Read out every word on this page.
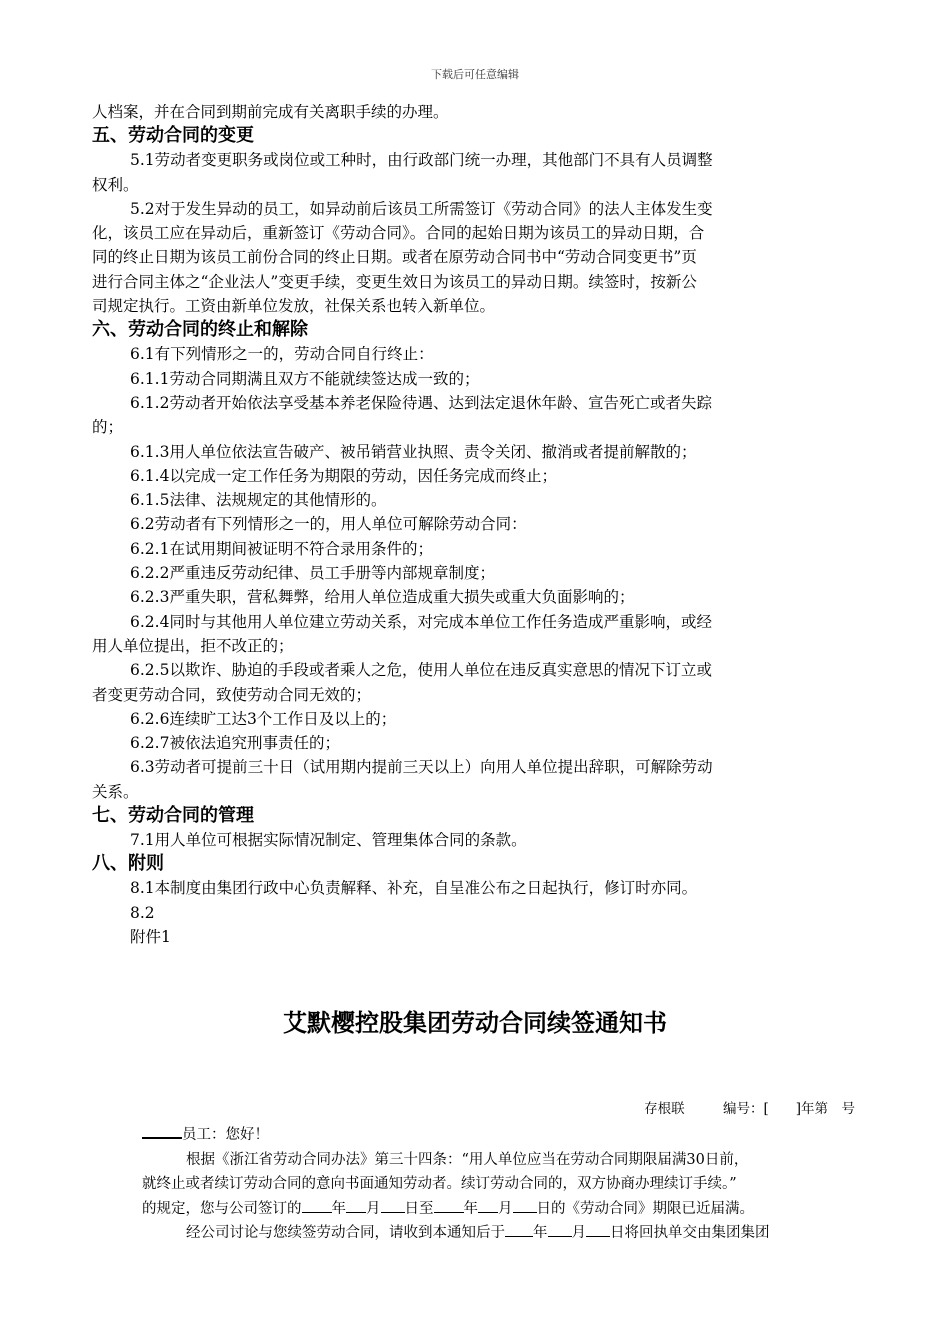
下载后可任意编辑
人档案，并在合同到期前完成有关离职手续的办理。
五、劳动合同的变更
5.1劳动者变更职务或岗位或工种时，由行政部门统一办理，其他部门不具有人员调整
权利。
5.2对于发生异动的员工，如异动前后该员工所需签订《劳动合同》的法人主体发生变
化，该员工应在异动后，重新签订《劳动合同》。合同的起始日期为该员工的异动日期，合
同的终止日期为该员工前份合同的终止日期。或者在原劳动合同书中“劳动合同变更书”页
进行合同主体之“企业法人”变更手续，变更生效日为该员工的异动日期。续签时，按新公
司规定执行。工资由新单位发放，社保关系也转入新单位。
六、劳动合同的终止和解除
6.1有下列情形之一的，劳动合同自行终止：
6.1.1劳动合同期满且双方不能就续签达成一致的；
6.1.2劳动者开始依法享受基本养老保险待遇、达到法定退休年龄、宣告死亡或者失踪
的；
6.1.3用人单位依法宣告破产、被吊销营业执照、责令关闭、撤消或者提前解散的；
6.1.4以完成一定工作任务为期限的劳动，因任务完成而终止；
6.1.5法律、法规规定的其他情形的。
6.2劳动者有下列情形之一的，用人单位可解除劳动合同：
6.2.1在试用期间被证明不符合录用条件的；
6.2.2严重违反劳动纪律、员工手册等内部规章制度；
6.2.3严重失职，营私舞弊，给用人单位造成重大损失或重大负面影响的；
6.2.4同时与其他用人单位建立劳动关系，对完成本单位工作任务造成严重影响，或经
用人单位提出，拒不改正的；
6.2.5以欺诈、胁迫的手段或者乘人之危，使用人单位在违反真实意思的情况下订立或
者变更劳动合同，致使劳动合同无效的；
6.2.6连续旷工达3个工作日及以上的；
6.2.7被依法追究刑事责任的；
6.3劳动者可提前三十日（试用期内提前三天以上）向用人单位提出辞职，可解除劳动
关系。
七、劳动合同的管理
7.1用人单位可根据实际情况制定、管理集体合同的条款。
八、附则
8.1本制度由集团行政中心负责解释、补充，自呈准公布之日起执行，修订时亦同。
8.2
附件1
艾默樱控股集团劳动合同续签通知书
存根联	编号：[　　]年第　号
员工：您好！
根据《浙江省劳动合同办法》第三十四条：“用人单位应当在劳动合同期限届满30日前，
就终止或者续订劳动合同的意向书面通知劳动者。续订劳动合同的，双方协商办理续订手续。”
的规定，您与公司签订的 年 月 日至 年 月 日的《劳动合同》期限已近届满。
经公司讨论与您续签劳动合同，请收到本通知后于 年 月 日将回执单交由集团集团
